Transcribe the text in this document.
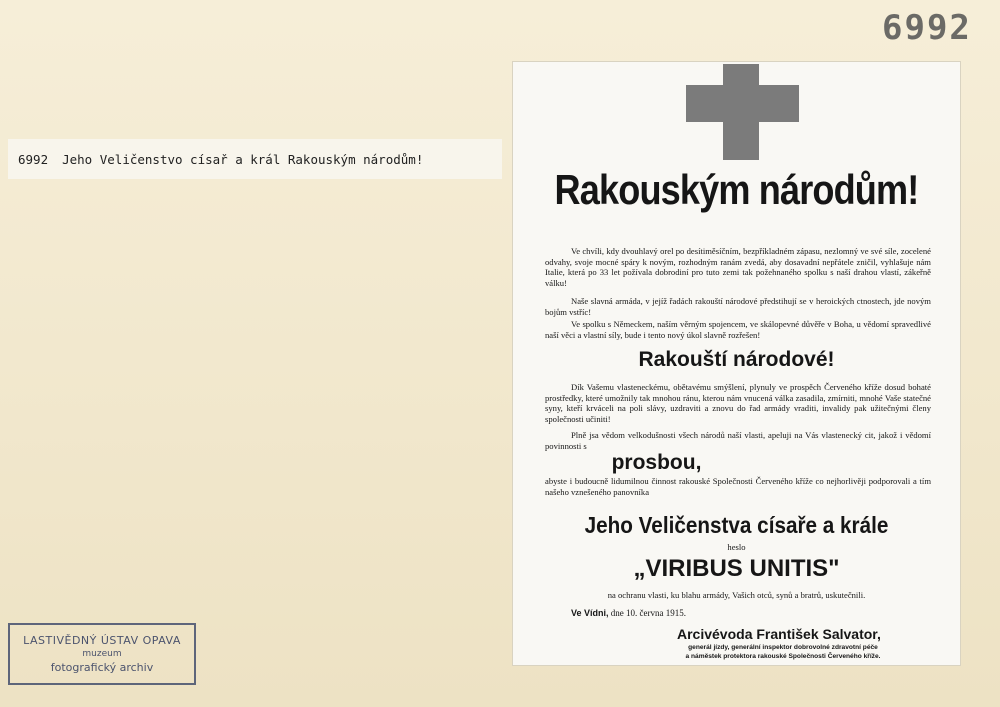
6992
6992 Jeho Veličenstvo císař a král Rakouským národům!
LASTIVĚDNÝ ÚSTAV OPAVA
muzeum
fotografický archiv
Rakouským národům!

Ve chvíli, kdy dvouhlavý orel po desítiměsíčním, bezpříkladném zápasu, nezlomný ve své síle, zocelené odvahy, svoje mocné spáry k novým, rozhodným ranám zvedá, aby dosavadní nepřátele zničil, vyhlašuje nám Italie, která po 33 let požívala dobrodiní pro tuto zemi tak požehnaného spolku s naší drahou vlastí, zákeřně válku!

Naše slavná armáda, v jejíž řadách rakouští národové předstihují se v heroických ctnostech, jde novým bojům vstříc!

Ve spolku s Německem, naším věrným spojencem, ve skálopevné důvěře v Boha, u vědomí spravedlivé naší věci a vlastní síly, bude i tento nový úkol slavně rozřešen!

Rakouští národové!

Dík Vašemu vlasteneckému, obětavému smýšlení, plynuly ve prospěch Červeného kříže dosud bohaté prostředky, které umožnily tak mnohou ránu, kterou nám vnucená válka zasadila, zmírniti, mnohé Vaše statečné syny, kteří krváceli na poli slávy, uzdraviti a znovu do řad armády vraditi, invalidy pak užitečnými členy společnosti učiniti!

Plně jsa vědom velkodušnosti všech národů naší vlasti, apeluji na Vás vlastenecký cit, jakož i vědomí povinnosti s

prosbou,

abyste i budoucně lidumilnou činnost rakouské Společnosti Červeného kříže co nejhorlivěji podporovali a tím našeho vznešeného panovníka

Jeho Veličenstva císaře a krále
heslo
„VIRIBUS UNITIS"
na ochranu vlasti, ku blahu armády, Vašich otců, synů a bratrů, uskutečnili.
Ve Vídni, dne 10. června 1915.
Arcivévoda František Salvator,
generál jízdy, generální inspektor dobrovolné zdravotní péče
a náměstek protektora rakouské Společnosti Červeného kříže.
